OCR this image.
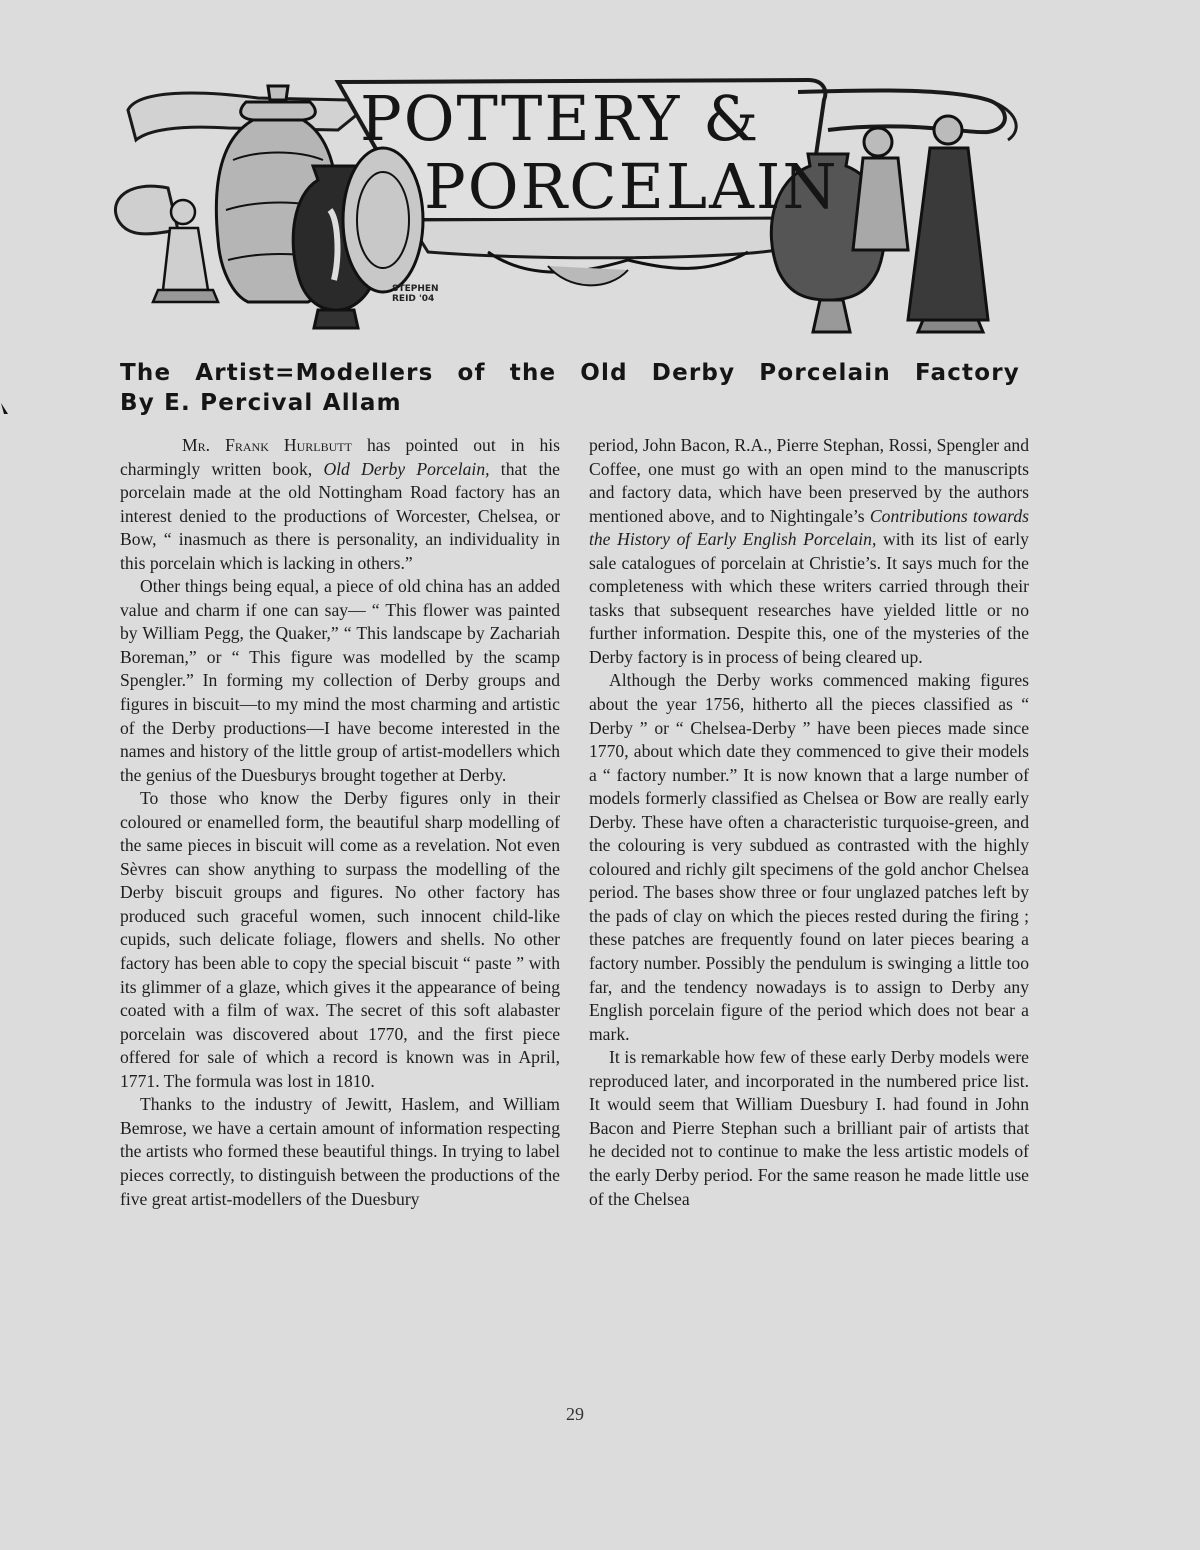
POTTERY &
PORCELAIN
STEPHEN
REID '04
The Artist=Modellers of the Old Derby Porcelain Factory
By E. Percival Allam

Mr. Frank Hurlbutt has pointed out in his charmingly written book, Old Derby Porcelain, that the porcelain made at the old Nottingham Road factory has an interest denied to the productions of Worcester, Chelsea, or Bow, “ inasmuch as there is personality, an individuality in this porcelain which is lacking in others.”

Other things being equal, a piece of old china has an added value and charm if one can say— “ This flower was painted by William Pegg, the Quaker,” “ This landscape by Zachariah Boreman,” or “ This figure was modelled by the scamp Spengler.” In forming my collection of Derby groups and figures in biscuit—to my mind the most charming and artistic of the Derby productions—I have become interested in the names and history of the little group of artist-modellers which the genius of the Duesburys brought together at Derby.

To those who know the Derby figures only in their coloured or enamelled form, the beautiful sharp modelling of the same pieces in biscuit will come as a revelation. Not even Sèvres can show anything to surpass the modelling of the Derby biscuit groups and figures. No other factory has produced such graceful women, such innocent child-like cupids, such delicate foliage, flowers and shells. No other factory has been able to copy the special biscuit “ paste ” with its glimmer of a glaze, which gives it the appearance of being coated with a film of wax. The secret of this soft alabaster porcelain was discovered about 1770, and the first piece offered for sale of which a record is known was in April, 1771. The formula was lost in 1810.

Thanks to the industry of Jewitt, Haslem, and William Bemrose, we have a certain amount of information respecting the artists who formed these beautiful things. In trying to label pieces correctly, to distinguish between the productions of the five great artist-modellers of the Duesbury

period, John Bacon, R.A., Pierre Stephan, Rossi, Spengler and Coffee, one must go with an open mind to the manuscripts and factory data, which have been preserved by the authors mentioned above, and to Nightingale’s Contributions towards the History of Early English Porcelain, with its list of early sale catalogues of porcelain at Christie’s. It says much for the completeness with which these writers carried through their tasks that subsequent researches have yielded little or no further information. Despite this, one of the mysteries of the Derby factory is in process of being cleared up.

Although the Derby works commenced making figures about the year 1756, hitherto all the pieces classified as “ Derby ” or “ Chelsea-Derby ” have been pieces made since 1770, about which date they commenced to give their models a “ factory number.” It is now known that a large number of models formerly classified as Chelsea or Bow are really early Derby. These have often a characteristic turquoise-green, and the colouring is very subdued as contrasted with the highly coloured and richly gilt specimens of the gold anchor Chelsea period. The bases show three or four unglazed patches left by the pads of clay on which the pieces rested during the firing ; these patches are frequently found on later pieces bearing a factory number. Possibly the pendulum is swinging a little too far, and the tendency nowadays is to assign to Derby any English porcelain figure of the period which does not bear a mark.

It is remarkable how few of these early Derby models were reproduced later, and incorporated in the numbered price list. It would seem that William Duesbury I. had found in John Bacon and Pierre Stephan such a brilliant pair of artists that he decided not to continue to make the less artistic models of the early Derby period. For the same reason he made little use of the Chelsea

29
